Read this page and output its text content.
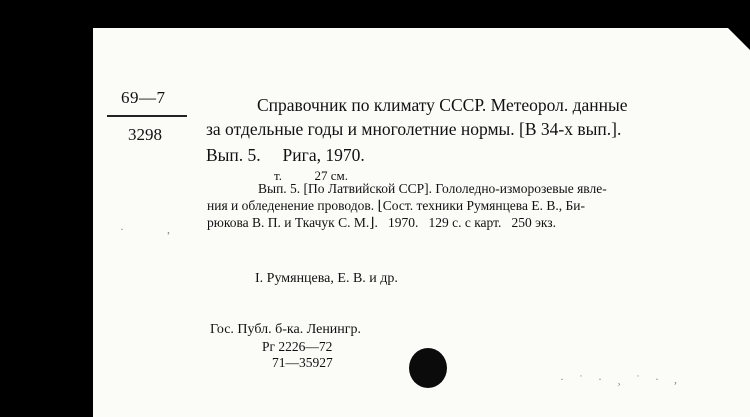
69—7
3298
Справочник по климату СССР. Метеорол. данные
за отдельные годы и многолетние нормы. [В 34-х вып.].
Вып. 5.     Рига, 1970.
т.          27 см.
Вып. 5. [По Латвийской ССР]. Гололедно-изморозевые явле-
ния и обледенение проводов. ⌊Сост. техники Румянцева Е. В., Би-
рюкова В. П. и Ткачук С. М.⌋.   1970.   129 с. с карт.   250 экз.
I. Румянцева, Е. В. и др.
Гос. Публ. б-ка. Ленингр.
Рг 2226—72
71—35927
· ˙ · ¸ ˙ · ,
· ,
